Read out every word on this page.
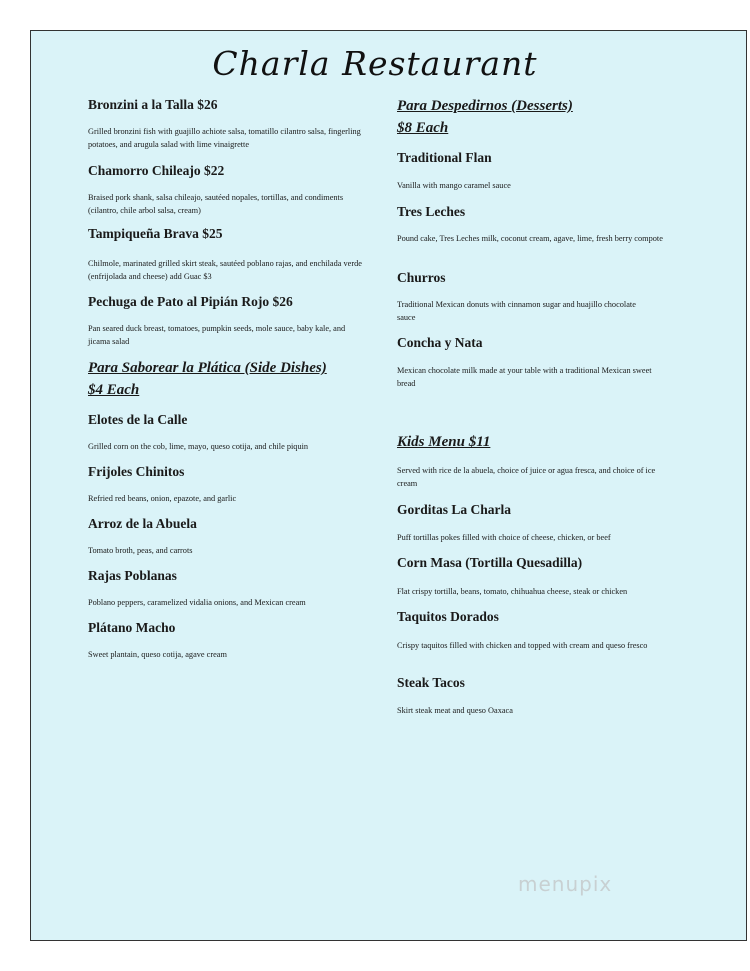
Charla Restaurant
Bronzini a la Talla $26
Grilled bronzini fish with guajillo achiote salsa, tomatillo cilantro salsa, fingerling potatoes, and arugula salad with lime vinaigrette
Chamorro Chileajo $22
Braised pork shank, salsa chileajo, sautéed nopales, tortillas, and condiments (cilantro, chile arbol salsa, cream)
Tampiqueña Brava $25
Chilmole, marinated grilled skirt steak, sautéed poblano rajas, and enchilada verde (enfrijolada and cheese) add Guac $3
Pechuga de Pato al Pipián Rojo $26
Pan seared duck breast, tomatoes, pumpkin seeds, mole sauce, baby kale, and jicama salad
Para Saborear la Plática (Side Dishes)
$4 Each
Elotes de la Calle
Grilled corn on the cob, lime, mayo, queso cotija, and chile piquin
Frijoles Chinitos
Refried red beans, onion, epazote, and garlic
Arroz de la Abuela
Tomato broth, peas, and carrots
Rajas Poblanas
Poblano peppers, caramelized vidalia onions, and Mexican cream
Plátano Macho
Sweet plantain, queso cotija, agave cream
Para Despedirnos (Desserts)
$8 Each
Traditional Flan
Vanilla with mango caramel sauce
Tres Leches
Pound cake, Tres Leches milk, coconut cream, agave, lime, fresh berry compote
Churros
Traditional Mexican donuts with cinnamon sugar and huajillo chocolate sauce
Concha y Nata
Mexican chocolate milk made at your table with a traditional Mexican sweet bread
Kids Menu $11
Served with rice de la abuela, choice of juice or agua fresca, and choice of ice cream
Gorditas La Charla
Puff tortillas pokes filled with choice of cheese, chicken, or beef
Corn Masa (Tortilla Quesadilla)
Flat crispy tortilla, beans, tomato, chihuahua cheese, steak or chicken
Taquitos Dorados
Crispy taquitos filled with chicken and topped with cream and queso fresco
Steak Tacos
Skirt steak meat and queso Oaxaca
menupix
